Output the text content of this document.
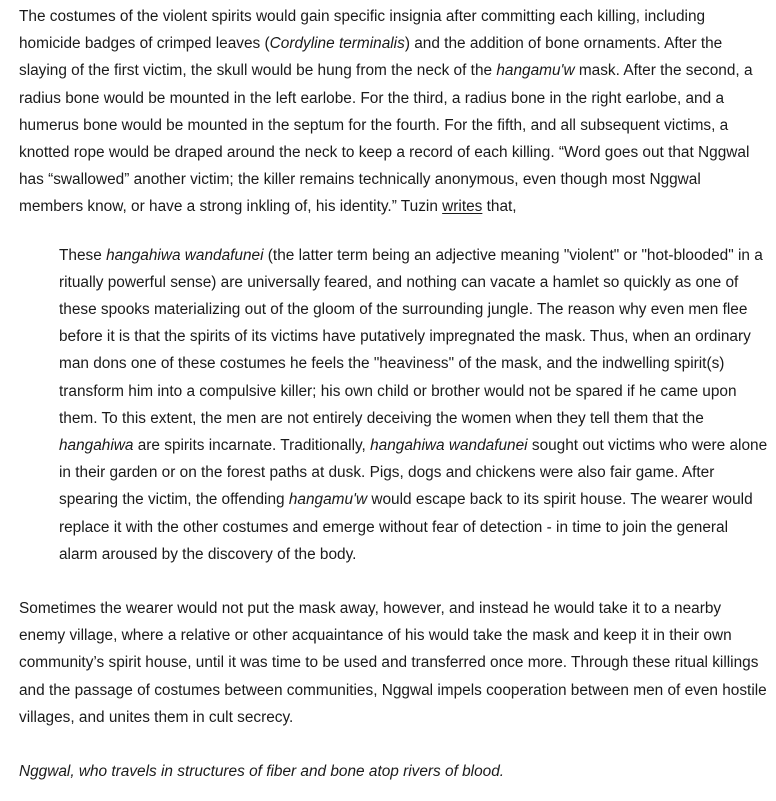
The costumes of the violent spirits would gain specific insignia after committing each killing, including homicide badges of crimped leaves (Cordyline terminalis) and the addition of bone ornaments. After the slaying of the first victim, the skull would be hung from the neck of the hangamu'w mask. After the second, a radius bone would be mounted in the left earlobe. For the third, a radius bone in the right earlobe, and a humerus bone would be mounted in the septum for the fourth. For the fifth, and all subsequent victims, a knotted rope would be draped around the neck to keep a record of each killing. “Word goes out that Nggwal has “swallowed” another victim; the killer remains technically anonymous, even though most Nggwal members know, or have a strong inkling of, his identity.” Tuzin writes that,

These hangahiwa wandafunei (the latter term being an adjective meaning "violent" or "hot-blooded" in a ritually powerful sense) are universally feared, and nothing can vacate a hamlet so quickly as one of these spooks materializing out of the gloom of the surrounding jungle. The reason why even men flee before it is that the spirits of its victims have putatively impregnated the mask. Thus, when an ordinary man dons one of these costumes he feels the "heaviness" of the mask, and the indwelling spirit(s) transform him into a compulsive killer; his own child or brother would not be spared if he came upon them. To this extent, the men are not entirely deceiving the women when they tell them that the hangahiwa are spirits incarnate. Traditionally, hangahiwa wandafunei sought out victims who were alone in their garden or on the forest paths at dusk. Pigs, dogs and chickens were also fair game. After spearing the victim, the offending hangamu'w would escape back to its spirit house. The wearer would replace it with the other costumes and emerge without fear of detection - in time to join the general alarm aroused by the discovery of the body.

Sometimes the wearer would not put the mask away, however, and instead he would take it to a nearby enemy village, where a relative or other acquaintance of his would take the mask and keep it in their own community’s spirit house, until it was time to be used and transferred once more. Through these ritual killings and the passage of costumes between communities, Nggwal impels cooperation between men of even hostile villages, and unites them in cult secrecy.

Nggwal, who travels in structures of fiber and bone atop rivers of blood.
